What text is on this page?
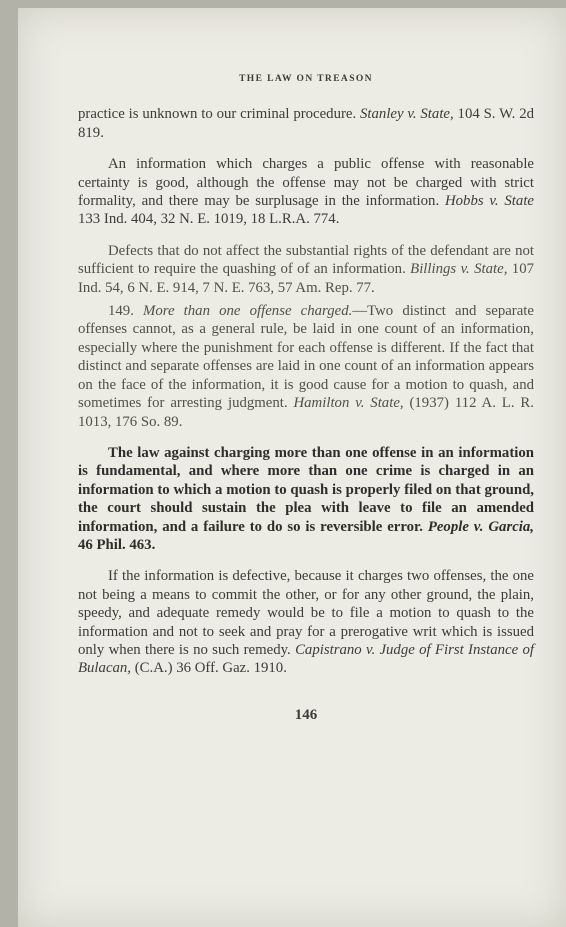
THE LAW ON TREASON

practice is unknown to our criminal procedure. Stanley v. State, 104 S. W. 2d 819.

An information which charges a public offense with reasonable certainty is good, although the offense may not be charged with strict formality, and there may be surplusage in the information. Hobbs v. State 133 Ind. 404, 32 N. E. 1019, 18 L.R.A. 774.

Defects that do not affect the substantial rights of the defendant are not sufficient to require the quashing of of an information. Billings v. State, 107 Ind. 54, 6 N. E. 914, 7 N. E. 763, 57 Am. Rep. 77.

149. More than one offense charged.—Two distinct and separate offenses cannot, as a general rule, be laid in one count of an information, especially where the punishment for each offense is different. If the fact that distinct and separate offenses are laid in one count of an information appears on the face of the information, it is good cause for a motion to quash, and sometimes for arresting judgment. Hamilton v. State, (1937) 112 A. L. R. 1013, 176 So. 89.

The law against charging more than one offense in an information is fundamental, and where more than one crime is charged in an information to which a motion to quash is properly filed on that ground, the court should sustain the plea with leave to file an amended information, and a failure to do so is reversible error. People v. Garcia, 46 Phil. 463.

If the information is defective, because it charges two offenses, the one not being a means to commit the other, or for any other ground, the plain, speedy, and adequate remedy would be to file a motion to quash to the information and not to seek and pray for a prerogative writ which is issued only when there is no such remedy. Capistrano v. Judge of First Instance of Bulacan, (C.A.) 36 Off. Gaz. 1910.

146
